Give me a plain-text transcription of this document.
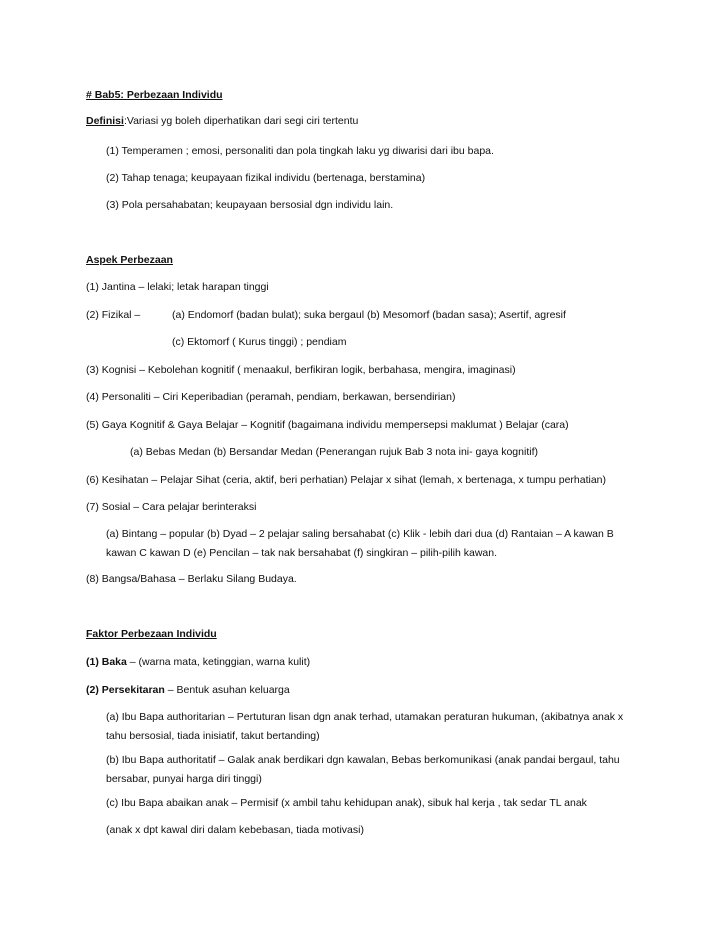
# Bab5: Perbezaan Individu
Definisi:Variasi yg boleh diperhatikan dari segi ciri tertentu
(1) Temperamen ; emosi, personaliti dan pola tingkah laku yg diwarisi dari ibu bapa.
(2) Tahap tenaga; keupayaan fizikal individu (bertenaga, berstamina)
(3) Pola persahabatan; keupayaan bersosial dgn individu lain.
Aspek Perbezaan
(1) Jantina – lelaki; letak harapan tinggi
(2) Fizikal –	(a) Endomorf (badan bulat); suka bergaul (b) Mesomorf (badan sasa); Asertif, agresif
(c) Ektomorf ( Kurus tinggi) ; pendiam
(3) Kognisi – Kebolehan kognitif ( menaakul, berfikiran logik, berbahasa, mengira, imaginasi)
(4) Personaliti – Ciri Keperibadian (peramah, pendiam, berkawan, bersendirian)
(5) Gaya Kognitif & Gaya Belajar – Kognitif (bagaimana individu mempersepsi maklumat ) Belajar (cara)
(a) Bebas Medan (b) Bersandar Medan (Penerangan rujuk Bab 3 nota ini- gaya kognitif)
(6) Kesihatan – Pelajar Sihat (ceria, aktif, beri perhatian) Pelajar x sihat (lemah, x bertenaga, x tumpu perhatian)
(7) Sosial – Cara pelajar berinteraksi
(a) Bintang – popular (b) Dyad – 2 pelajar saling bersahabat (c) Klik - lebih dari dua (d) Rantaian – A kawan B kawan C kawan D (e) Pencilan – tak nak bersahabat (f) singkiran – pilih-pilih kawan.
(8) Bangsa/Bahasa – Berlaku Silang Budaya.
Faktor Perbezaan Individu
(1) Baka – (warna mata, ketinggian, warna kulit)
(2) Persekitaran – Bentuk asuhan keluarga
(a) Ibu Bapa authoritarian – Pertuturan lisan dgn anak terhad, utamakan peraturan hukuman, (akibatnya anak x tahu bersosial, tiada inisiatif, takut bertanding)
(b) Ibu Bapa authoritatif – Galak anak berdikari dgn kawalan, Bebas berkomunikasi (anak pandai bergaul, tahu bersabar, punyai harga diri tinggi)
(c) Ibu Bapa abaikan anak – Permisif (x ambil tahu kehidupan anak), sibuk hal kerja , tak sedar TL anak
(anak x dpt kawal diri dalam kebebasan, tiada motivasi)
